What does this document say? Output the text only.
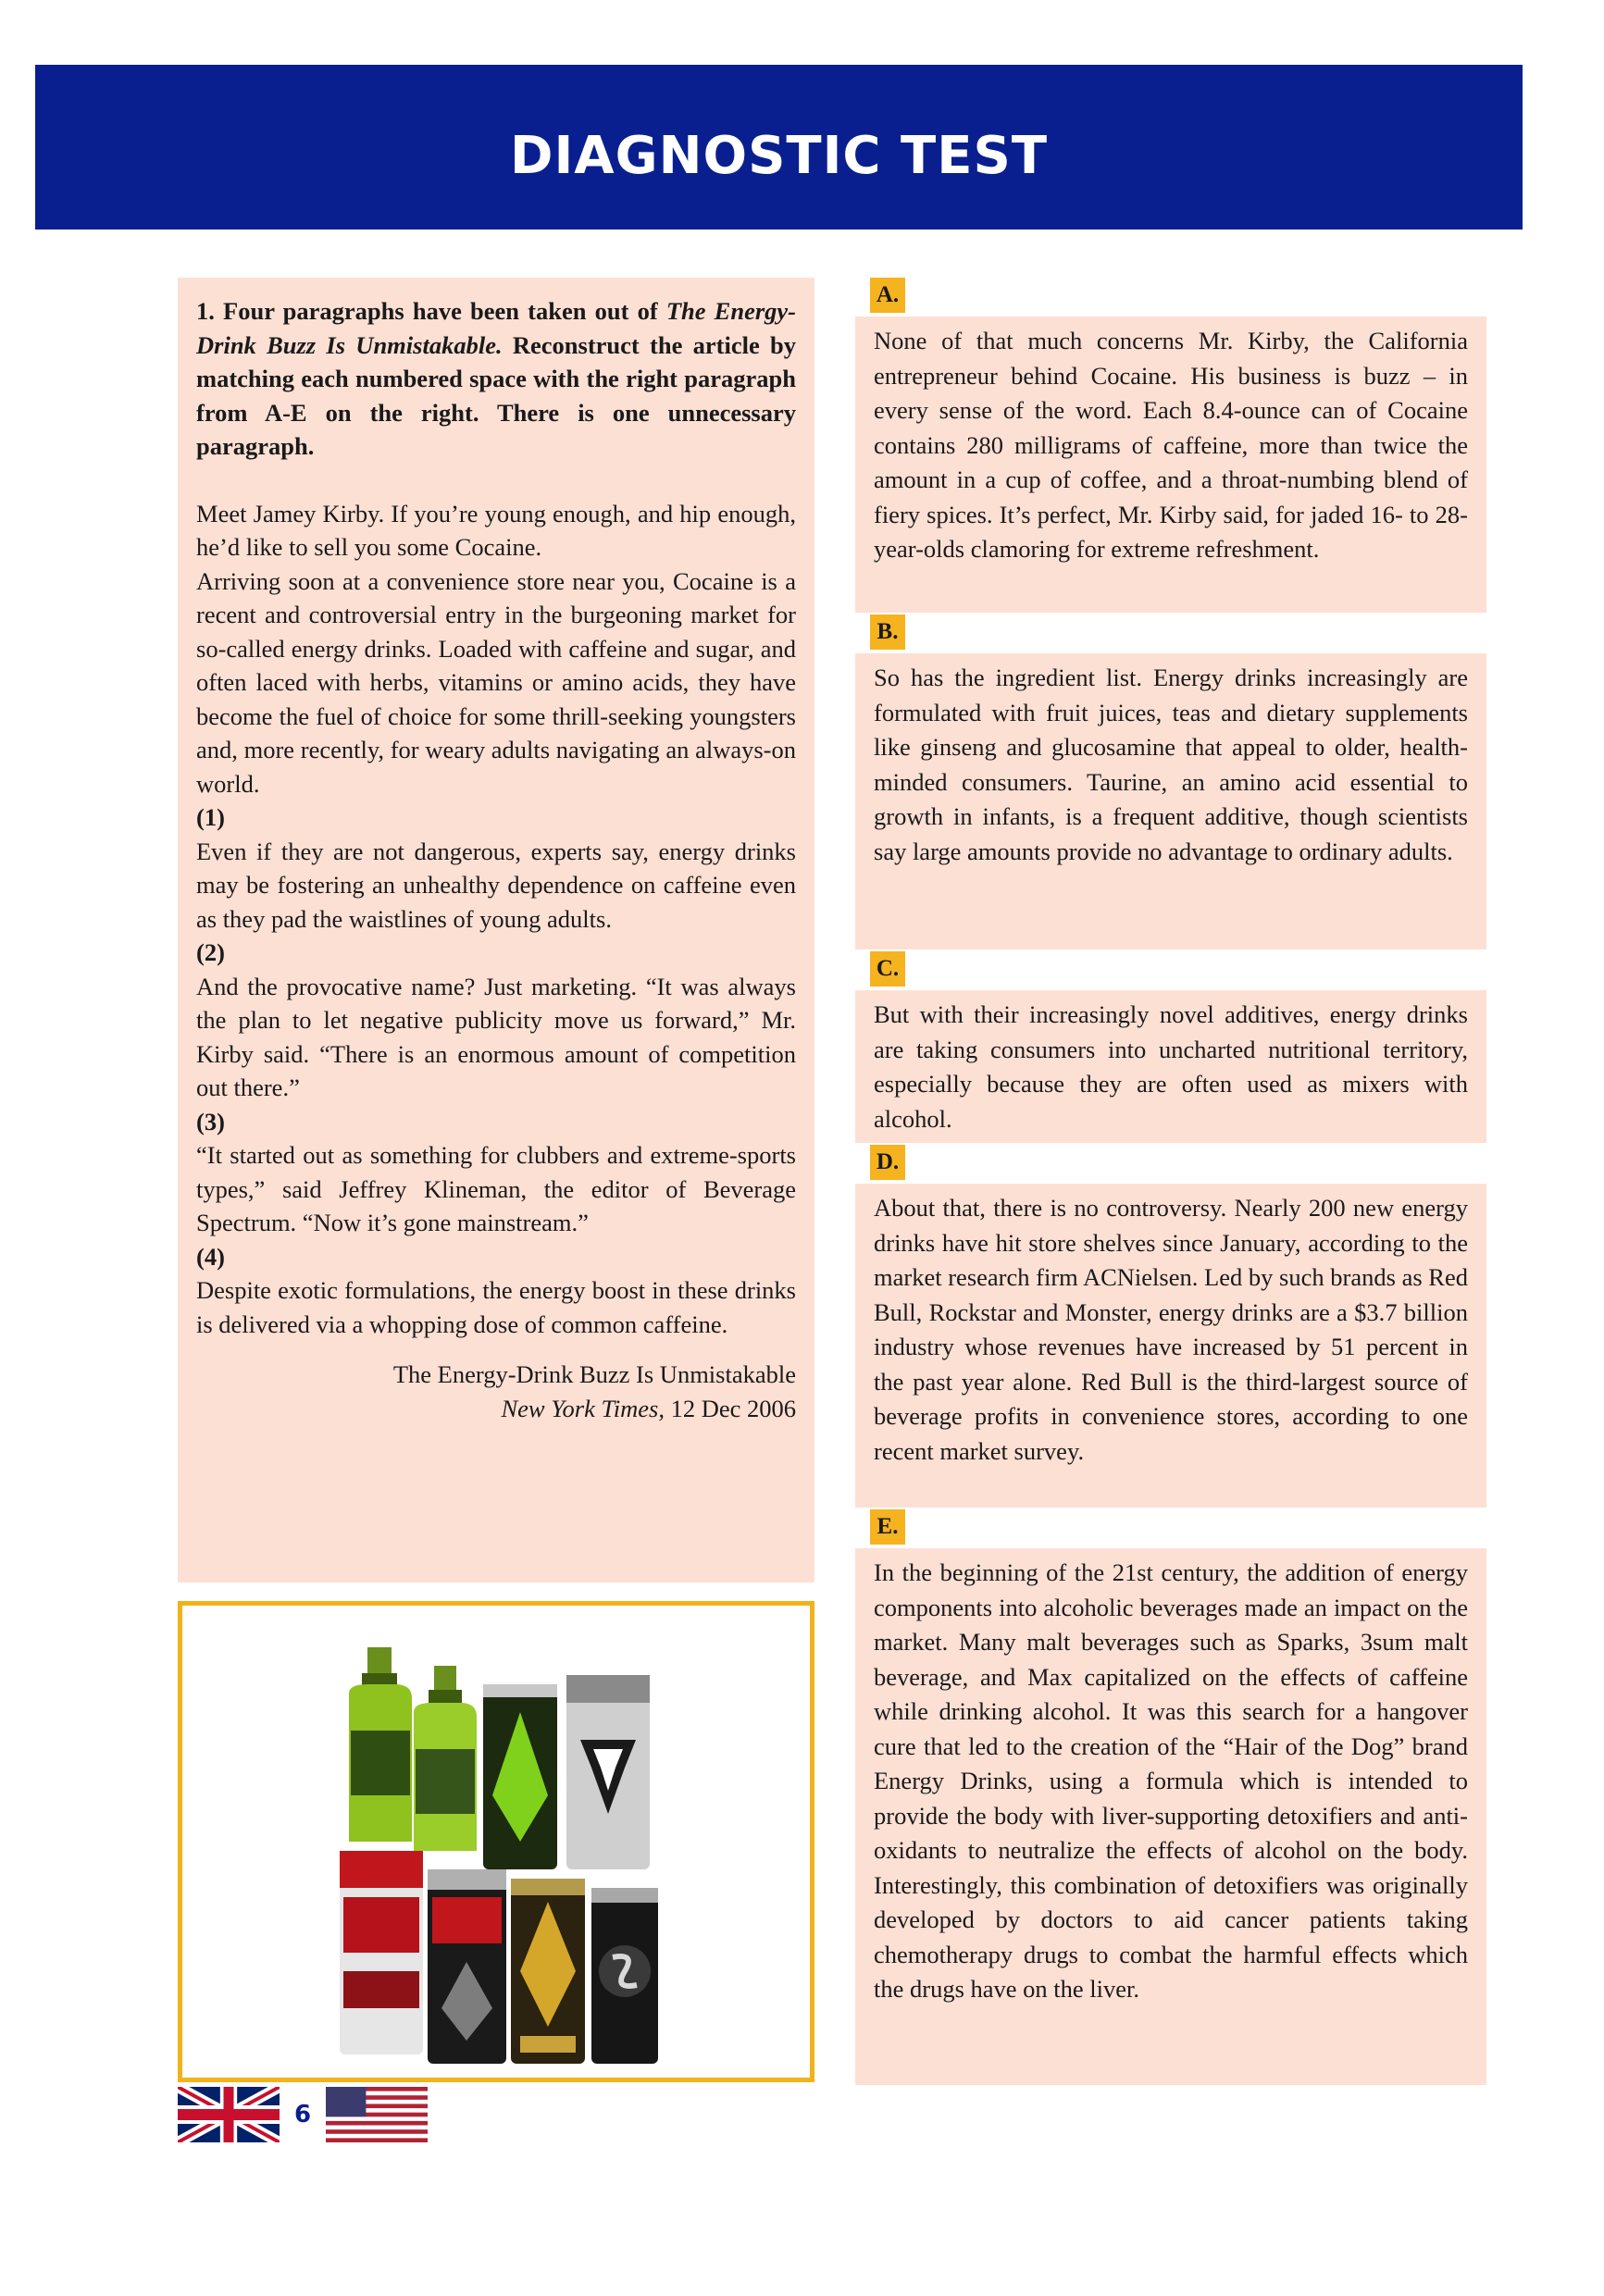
DIAGNOSTIC TEST

1. Four paragraphs have been taken out of The Energy-Drink Buzz Is Unmistakable. Reconstruct the article by matching each numbered space with the right paragraph from A-E on the right. There is one unnecessary paragraph.

Meet Jamey Kirby. If you’re young enough, and hip enough, he’d like to sell you some Cocaine.

Arriving soon at a convenience store near you, Cocaine is a recent and controversial entry in the burgeoning market for so-called energy drinks. Loaded with caffeine and sugar, and often laced with herbs, vitamins or amino acids, they have become the fuel of choice for some thrill-seeking youngsters and, more recently, for weary adults navigating an always-on world.

(1)

Even if they are not dangerous, experts say, energy drinks may be fostering an unhealthy dependence on caffeine even as they pad the waistlines of young adults.

(2)

And the provocative name? Just marketing. “It was always the plan to let negative publicity move us forward,” Mr. Kirby said. “There is an enormous amount of competition out there.”

(3)

“It started out as something for clubbers and extreme-sports types,” said Jeffrey Klineman, the editor of Beverage Spectrum. “Now it’s gone mainstream.”

(4)

Despite exotic formulations, the energy boost in these drinks is delivered via a whopping dose of common caffeine.

The Energy-Drink Buzz Is Unmistakable
New York Times, 12 Dec 2006
A.
None of that much concerns Mr. Kirby, the California entrepreneur behind Cocaine. His business is buzz – in every sense of the word. Each 8.4-ounce can of Cocaine contains 280 milligrams of caffeine, more than twice the amount in a cup of coffee, and a throat-numbing blend of fiery spices. It’s perfect, Mr. Kirby said, for jaded 16- to 28-year-olds clamoring for extreme refreshment.
B.
So has the ingredient list. Energy drinks increasingly are formulated with fruit juices, teas and dietary supplements like ginseng and glucosamine that appeal to older, health-minded consumers. Taurine, an amino acid essential to growth in infants, is a frequent additive, though scientists say large amounts provide no advantage to ordinary adults.
C.
But with their increasingly novel additives, energy drinks are taking consumers into uncharted nutritional territory, especially because they are often used as mixers with alcohol.
D.
About that, there is no controversy. Nearly 200 new energy drinks have hit store shelves since January, according to the market research firm ACNielsen. Led by such brands as Red Bull, Rockstar and Monster, energy drinks are a $3.7 billion industry whose revenues have increased by 51 percent in the past year alone. Red Bull is the third-largest source of beverage profits in convenience stores, according to one recent market survey.
E.
In the beginning of the 21st century, the addition of energy components into alcoholic beverages made an impact on the market. Many malt beverages such as Sparks, 3sum malt beverage, and Max capitalized on the effects of caffeine while drinking alcohol. It was this search for a hangover cure that led to the creation of the “Hair of the Dog” brand Energy Drinks, using a formula which is intended to provide the body with liver-supporting detoxifiers and anti-oxidants to neutralize the effects of alcohol on the body. Interestingly, this combination of detoxifiers was originally developed by doctors to aid cancer patients taking chemotherapy drugs to combat the harmful effects which the drugs have on the liver.
6
